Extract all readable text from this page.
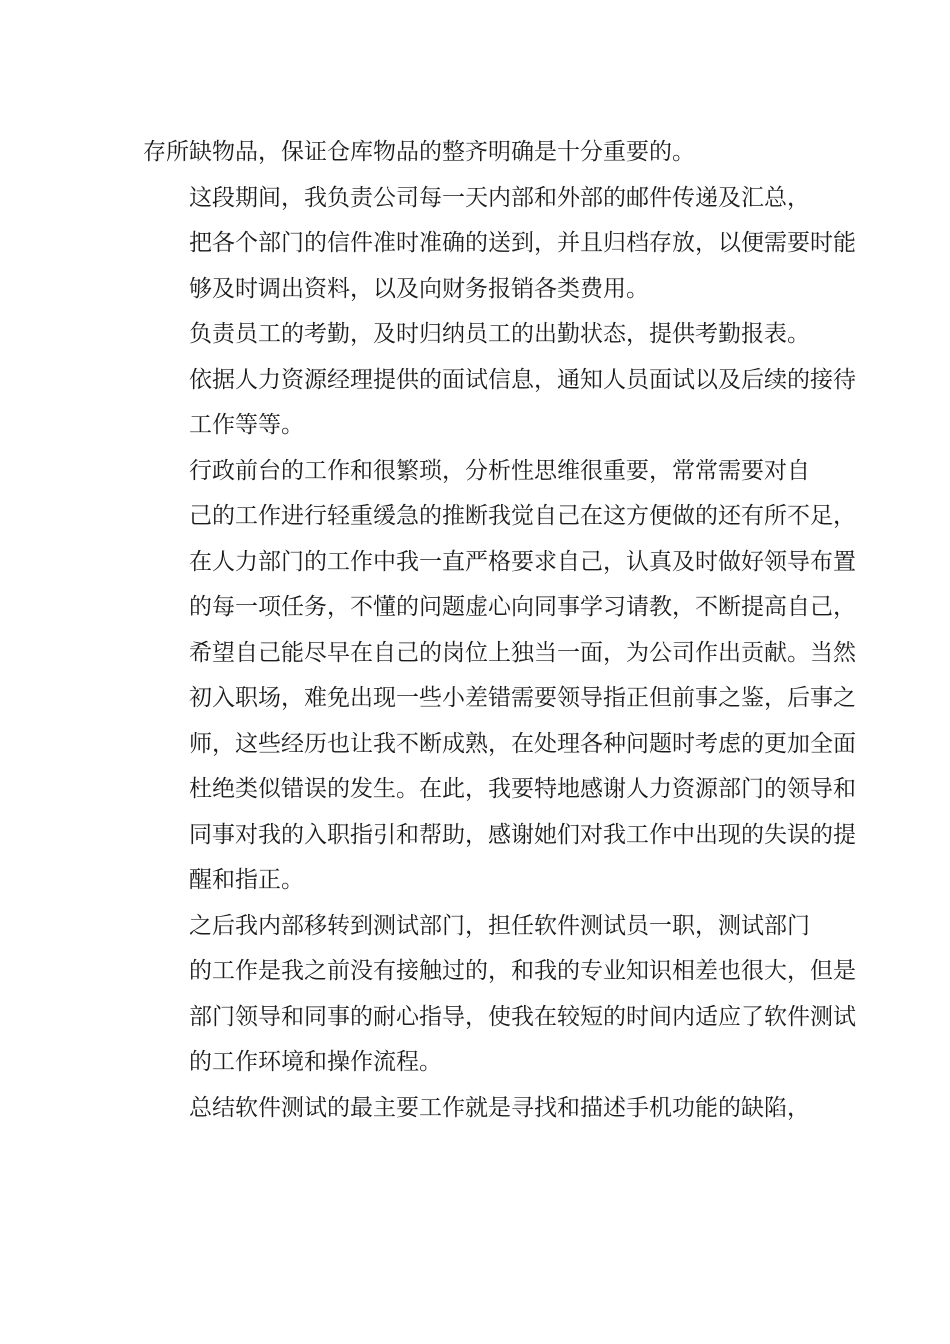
存所缺物品，保证仓库物品的整齐明确是十分重要的。
这段期间，我负责公司每一天内部和外部的邮件传递及汇总，
把各个部门的信件准时准确的送到，并且归档存放，以便需要时能
够及时调出资料，以及向财务报销各类费用。
负责员工的考勤，及时归纳员工的出勤状态，提供考勤报表。
依据人力资源经理提供的面试信息，通知人员面试以及后续的接待
工作等等。
行政前台的工作和很繁琐，分析性思维很重要，常常需要对自
己的工作进行轻重缓急的推断我觉自己在这方便做的还有所不足，
在人力部门的工作中我一直严格要求自己，认真及时做好领导布置
的每一项任务，不懂的问题虚心向同事学习请教，不断提高自己，
希望自己能尽早在自己的岗位上独当一面，为公司作出贡献。当然
初入职场，难免出现一些小差错需要领导指正但前事之鉴，后事之
师，这些经历也让我不断成熟，在处理各种问题时考虑的更加全面
杜绝类似错误的发生。在此，我要特地感谢人力资源部门的领导和
同事对我的入职指引和帮助，感谢她们对我工作中出现的失误的提
醒和指正。
之后我内部移转到测试部门，担任软件测试员一职，测试部门
的工作是我之前没有接触过的，和我的专业知识相差也很大，但是
部门领导和同事的耐心指导，使我在较短的时间内适应了软件测试
的工作环境和操作流程。
总结软件测试的最主要工作就是寻找和描述手机功能的缺陷，
